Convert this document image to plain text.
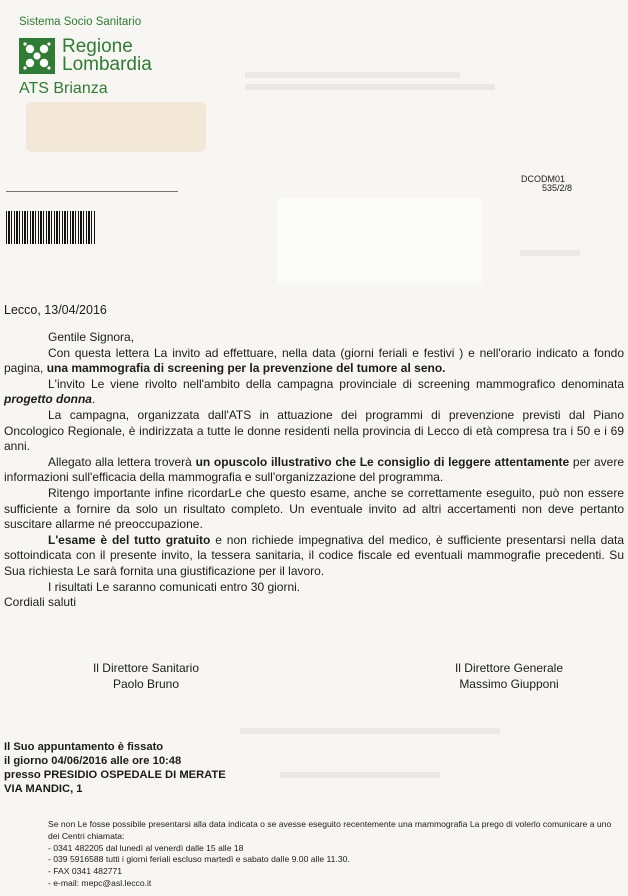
Sistema Socio Sanitario
Regione
Lombardia
ATS Brianza
DCODM01
535/2/8
Lecco, 13/04/2016

Gentile Signora,

Con questa lettera La invito ad effettuare, nella data (giorni feriali e festivi ) e nell'orario indicato a fondo pagina, una mammografia di screening per la prevenzione del tumore al seno.

L'invito Le viene rivolto nell'ambito della campagna provinciale di screening mammografico denominata progetto donna.

La campagna, organizzata dall'ATS in attuazione dei programmi di prevenzione previsti dal Piano Oncologico Regionale, è indirizzata a tutte le donne residenti nella provincia di Lecco di età compresa tra i 50 e i 69 anni.

Allegato alla lettera troverà un opuscolo illustrativo che Le consiglio di leggere attentamente per avere informazioni sull'efficacia della mammografia e sull'organizzazione del programma.

Ritengo importante infine ricordarLe che questo esame, anche se correttamente eseguito, può non essere sufficiente a fornire da solo un risultato completo. Un eventuale invito ad altri accertamenti non deve pertanto suscitare allarme né preoccupazione.

L'esame è del tutto gratuito e non richiede impegnativa del medico, è sufficiente presentarsi nella data sottoindicata con il presente invito, la tessera sanitaria, il codice fiscale ed eventuali mammografie precedenti. Su Sua richiesta Le sarà fornita una giustificazione per il lavoro.

I risultati Le saranno comunicati entro 30 giorni.

Cordiali saluti

Il Direttore Sanitario
Paolo Bruno
Il Direttore Generale
Massimo Giupponi
Il Suo appuntamento è fissato
il giorno 04/06/2016 alle ore 10:48
presso PRESIDIO OSPEDALE DI MERATE
VIA MANDIC, 1
Se non Le fosse possibile presentarsi alla data indicata o se avesse eseguito recentemente una mammografia La prego di volerlo comunicare a uno dei Centri chiamata:
- 0341 482205 dal lunedì al venerdì dalle 15 alle 18
- 039 5916588 tutti i giorni feriali escluso martedì e sabato dalle 9.00 alle 11.30.
- FAX 0341 482771
- e-mail: mepc@asl.lecco.it
